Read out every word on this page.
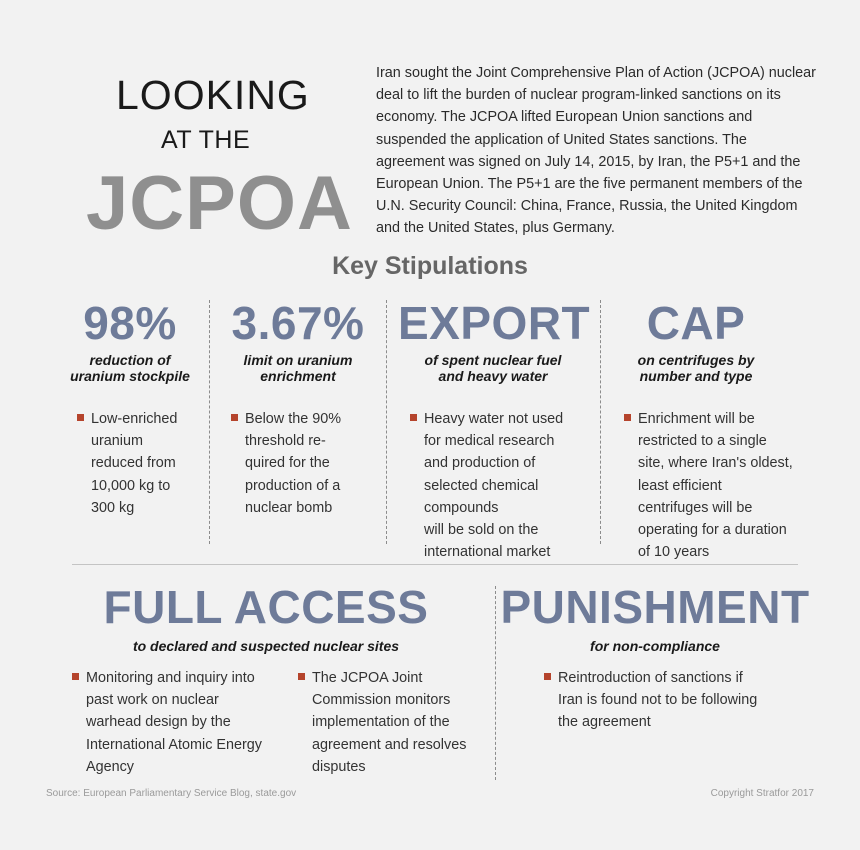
LOOKING
AT THE
JCPOA
Iran sought the Joint Comprehensive Plan of Action (JCPOA) nuclear deal to lift the burden of nuclear program-linked sanctions on its economy. The JCPOA lifted European Union sanctions and suspended the application of United States sanctions. The agreement was signed on July 14, 2015, by Iran, the P5+1 and the European Union. The P5+1 are the five permanent members of the U.N. Security Council: China, France, Russia, the United Kingdom and the United States, plus Germany.
Key Stipulations
98%
reduction of
uranium stockpile
Low-enriched
uranium
reduced from
10,000 kg to
300 kg
3.67%
limit on uranium
enrichment
Below the 90%
threshold re-
quired for the
production of a
nuclear bomb
EXPORT
of spent nuclear fuel
and heavy water
Heavy water not used
for medical research
and production of
selected chemical
compounds
will be sold on the
international market
CAP
on centrifuges by
number and type
Enrichment will be
restricted to a single
site, where Iran's oldest,
least efficient
centrifuges will be
operating for a duration
of 10 years
FULL ACCESS
to declared and suspected nuclear sites
Monitoring and inquiry into
past work on nuclear
warhead design by the
International Atomic Energy
Agency
The JCPOA Joint
Commission monitors
implementation of the
agreement and resolves
disputes
PUNISHMENT
for non-compliance
Reintroduction of sanctions if
Iran is found not to be following
the agreement
Source: European Parliamentary Service Blog, state.gov	Copyright Stratfor 2017
